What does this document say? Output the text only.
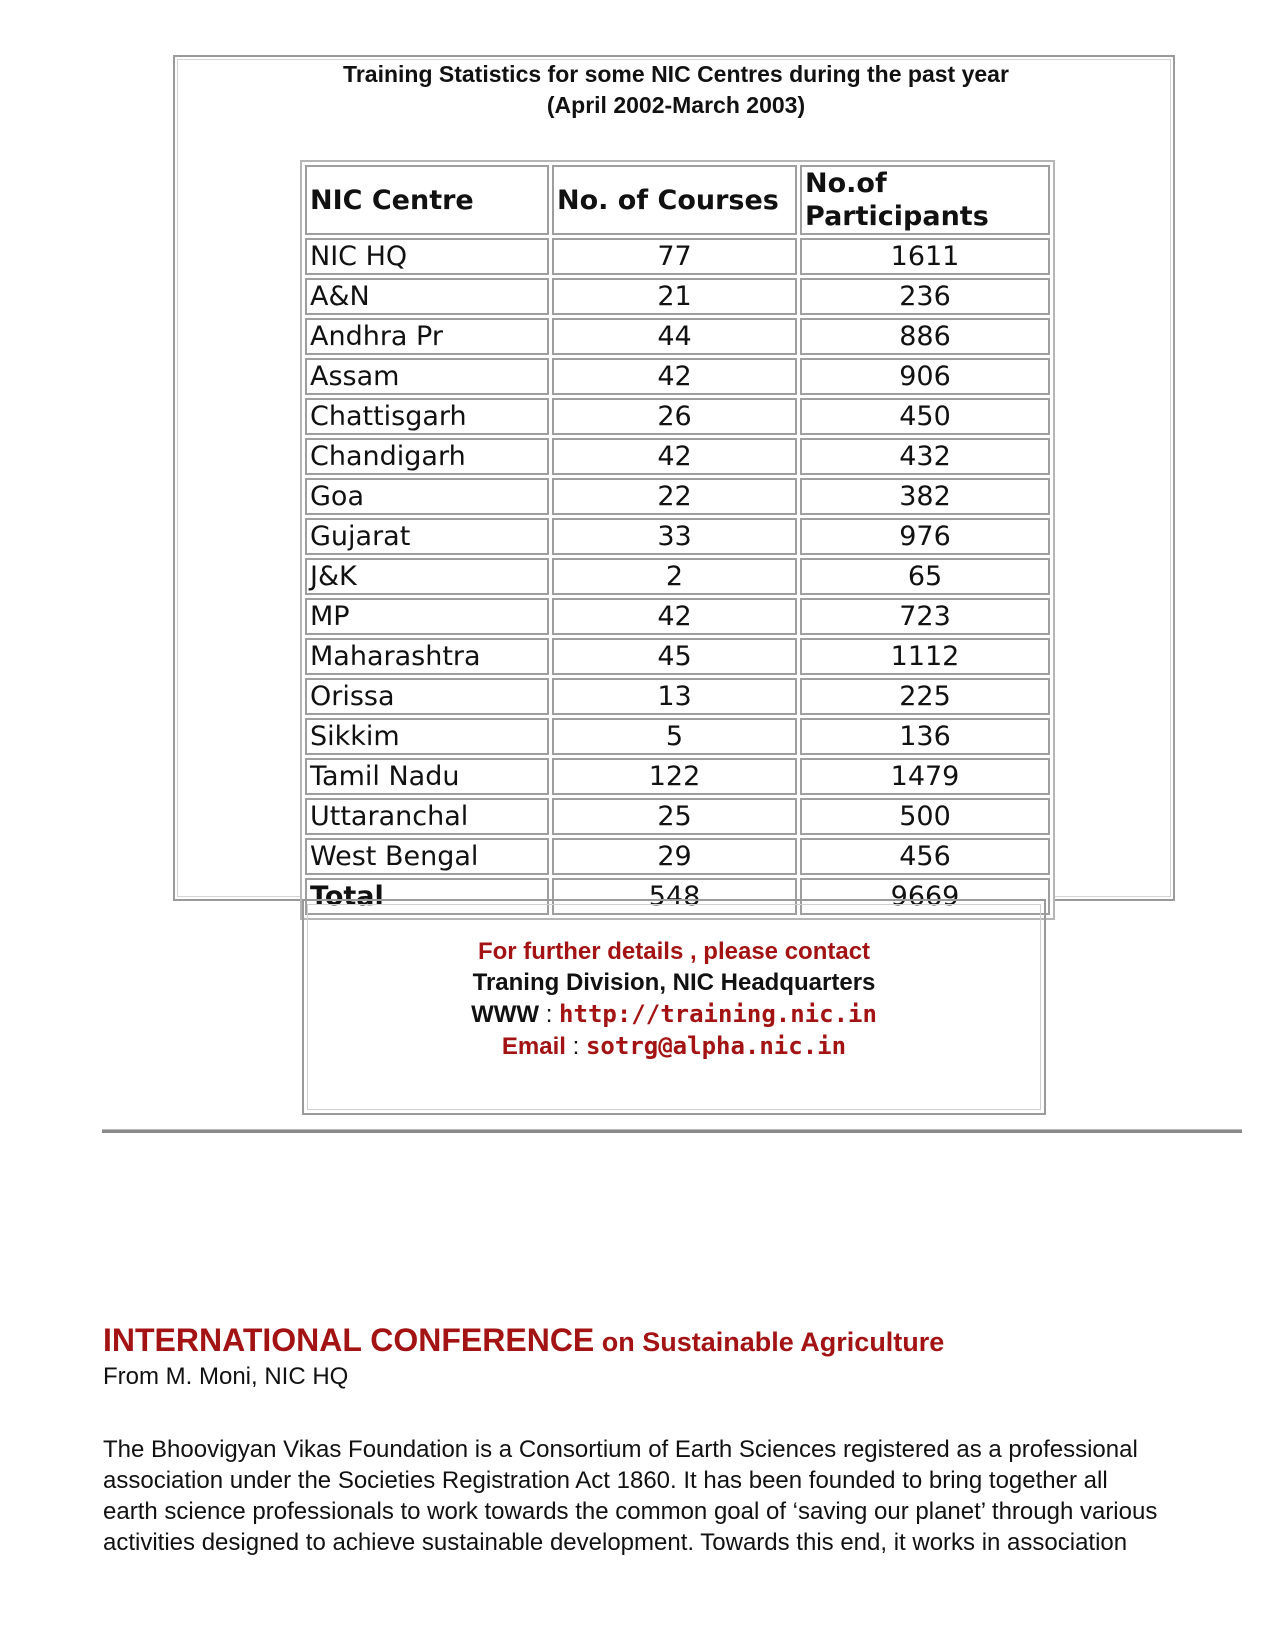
Training Statistics for some NIC Centres during the past year
(April 2002-March 2003)
NIC Centre	No. of Courses	No.of
Participants

NIC HQ	77	1611
A&N	21	236
Andhra Pr	44	886
Assam	42	906
Chattisgarh	26	450
Chandigarh	42	432
Goa	22	382
Gujarat	33	976
J&K	2	65
MP	42	723
Maharashtra	45	1112
Orissa	13	225
Sikkim	5	136
Tamil Nadu	122	1479
Uttaranchal	25	500
West Bengal	29	456
Total	548	9669
For further details , please contact
Traning Division, NIC Headquarters
WWW : http://training.nic.in
Email : sotrg@alpha.nic.in
INTERNATIONAL CONFERENCE on Sustainable Agriculture
From M. Moni, NIC HQ
The Bhoovigyan Vikas Foundation is a Consortium of Earth Sciences registered as a professional
association under the Societies Registration Act 1860. It has been founded to bring together all
earth science professionals to work towards the common goal of ‘saving our planet’ through various
activities designed to achieve sustainable development. Towards this end, it works in association
